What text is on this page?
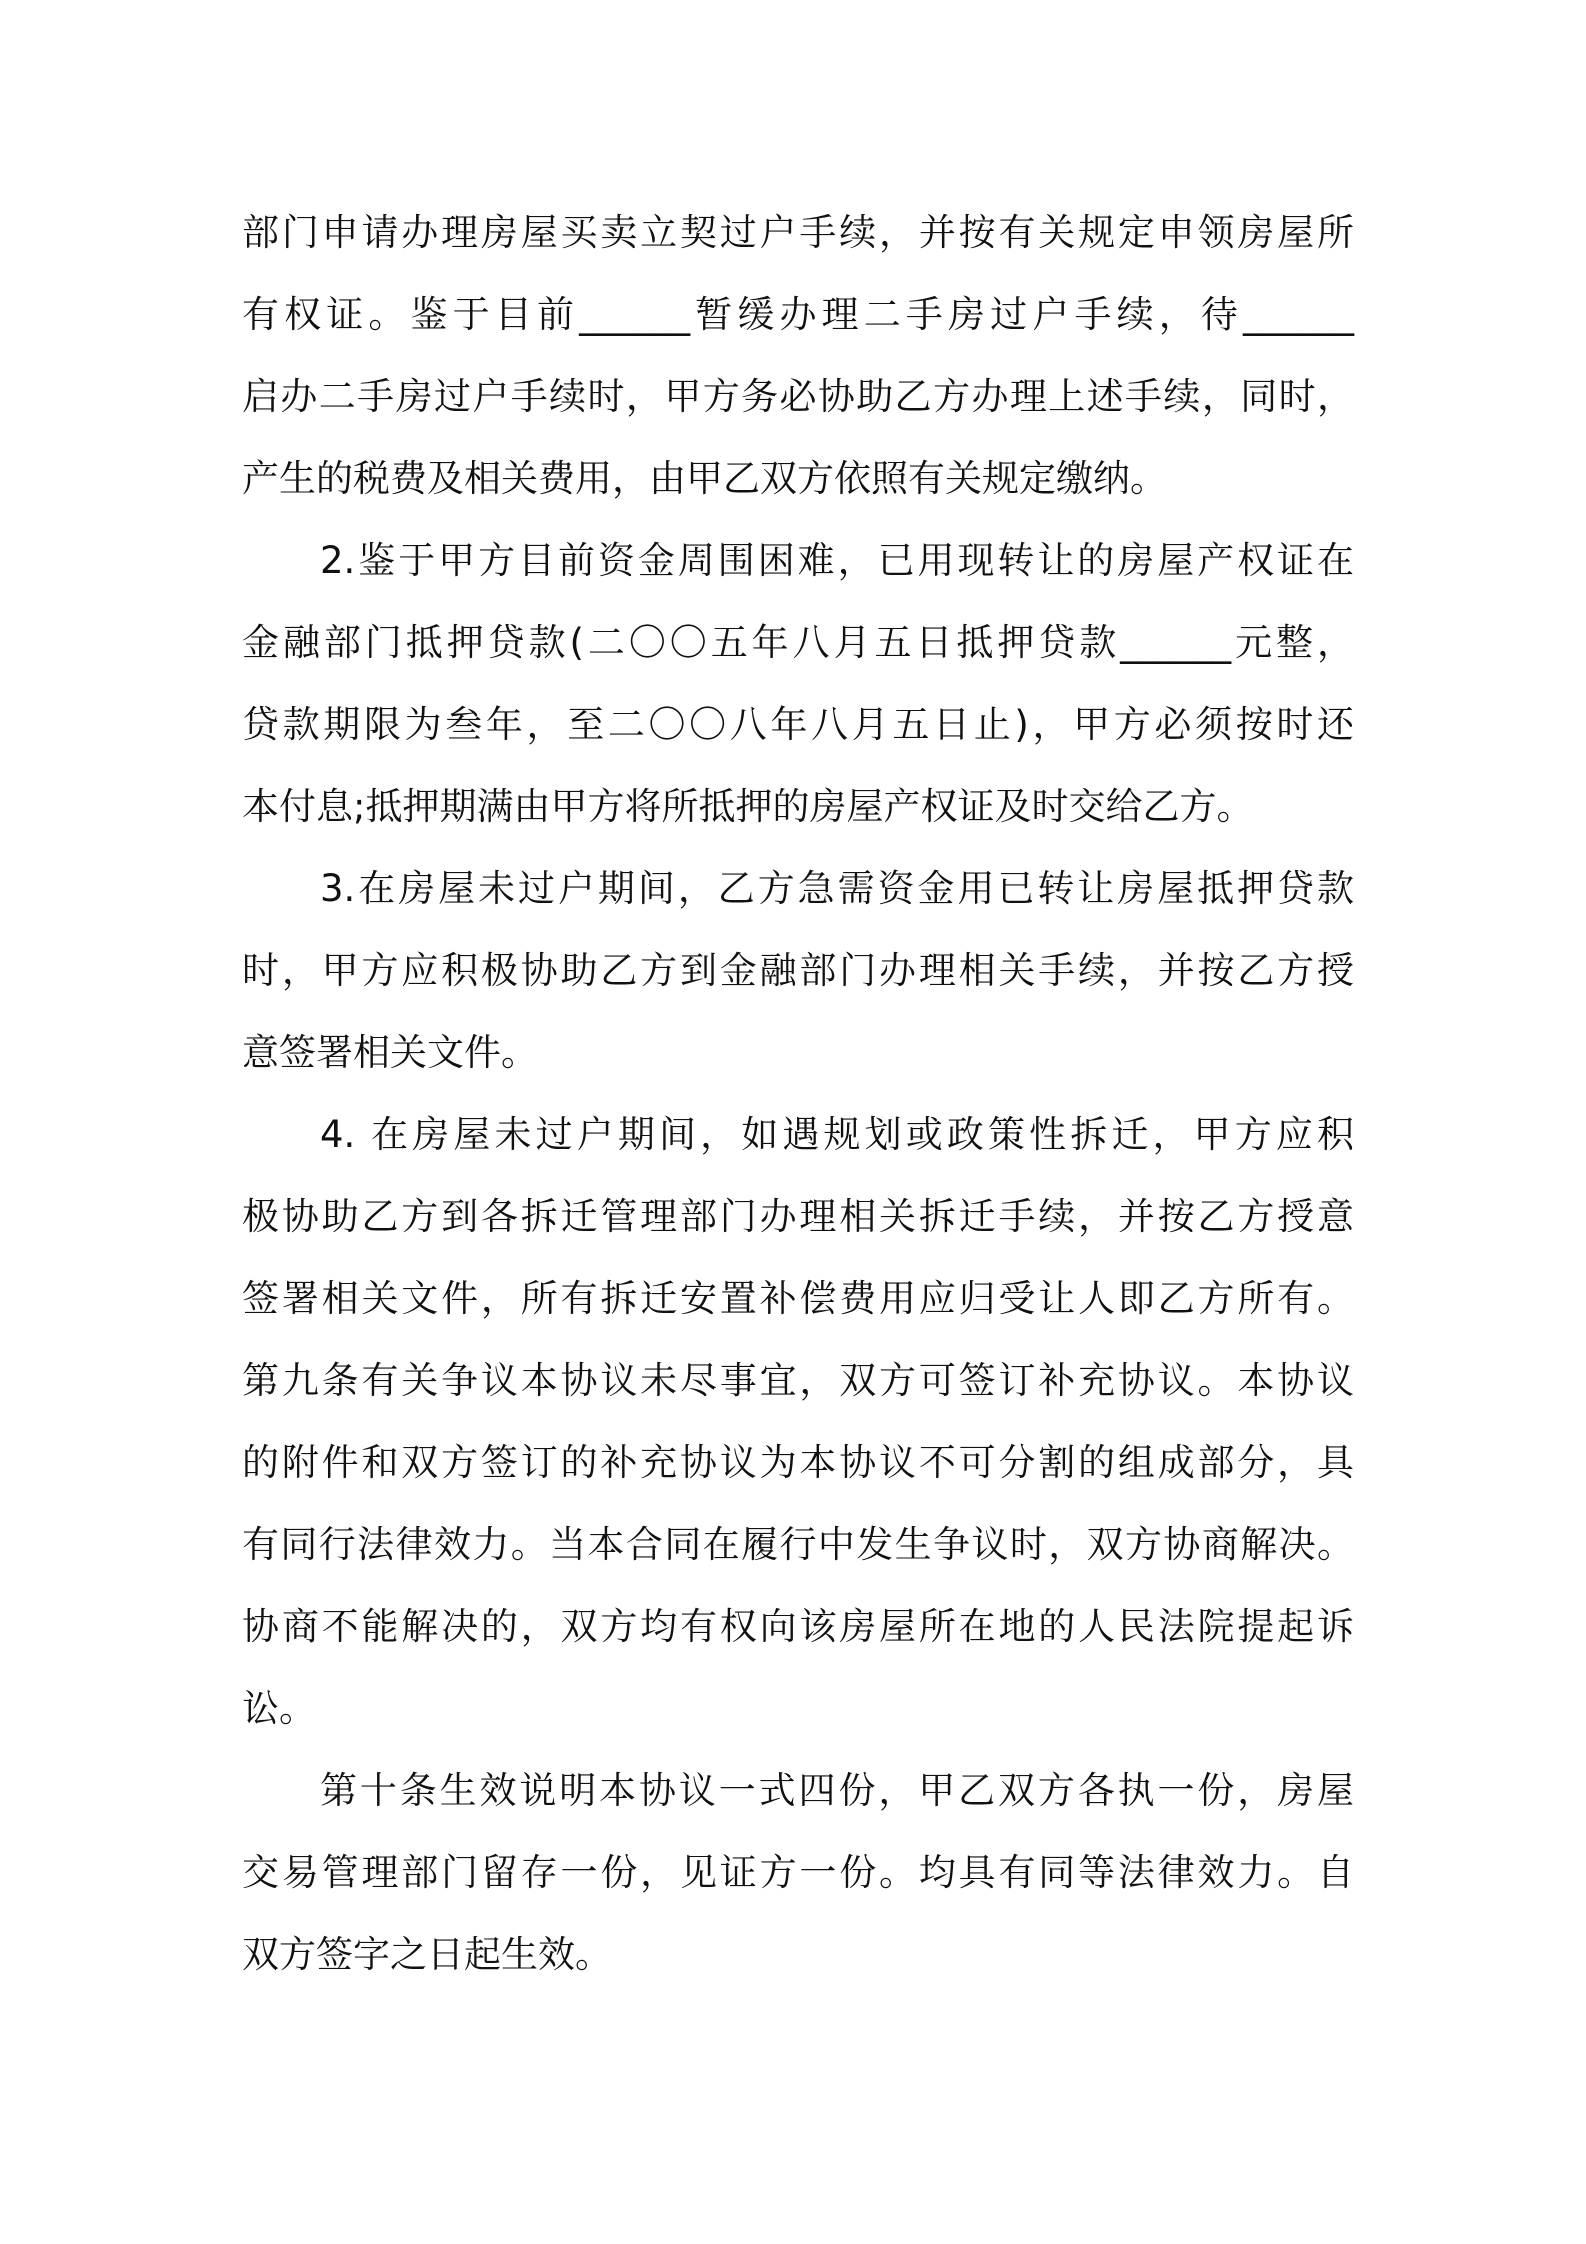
部门申请办理房屋买卖立契过户手续，并按有关规定申领房屋所
有权证。鉴于目前______暂缓办理二手房过户手续，待______
启办二手房过户手续时，甲方务必协助乙方办理上述手续，同时，
产生的税费及相关费用，由甲乙双方依照有关规定缴纳。
2.鉴于甲方目前资金周围困难，已用现转让的房屋产权证在
金融部门抵押贷款(二〇〇五年八月五日抵押贷款______元整，
贷款期限为叁年，至二〇〇八年八月五日止)，甲方必须按时还
本付息;抵押期满由甲方将所抵押的房屋产权证及时交给乙方。
3.在房屋未过户期间，乙方急需资金用已转让房屋抵押贷款
时，甲方应积极协助乙方到金融部门办理相关手续，并按乙方授
意签署相关文件。
4. 在房屋未过户期间，如遇规划或政策性拆迁，甲方应积
极协助乙方到各拆迁管理部门办理相关拆迁手续，并按乙方授意
签署相关文件，所有拆迁安置补偿费用应归受让人即乙方所有。
第九条有关争议本协议未尽事宜，双方可签订补充协议。本协议
的附件和双方签订的补充协议为本协议不可分割的组成部分，具
有同行法律效力。当本合同在履行中发生争议时，双方协商解决。
协商不能解决的，双方均有权向该房屋所在地的人民法院提起诉
讼。
第十条生效说明本协议一式四份，甲乙双方各执一份，房屋
交易管理部门留存一份，见证方一份。均具有同等法律效力。自
双方签字之日起生效。
